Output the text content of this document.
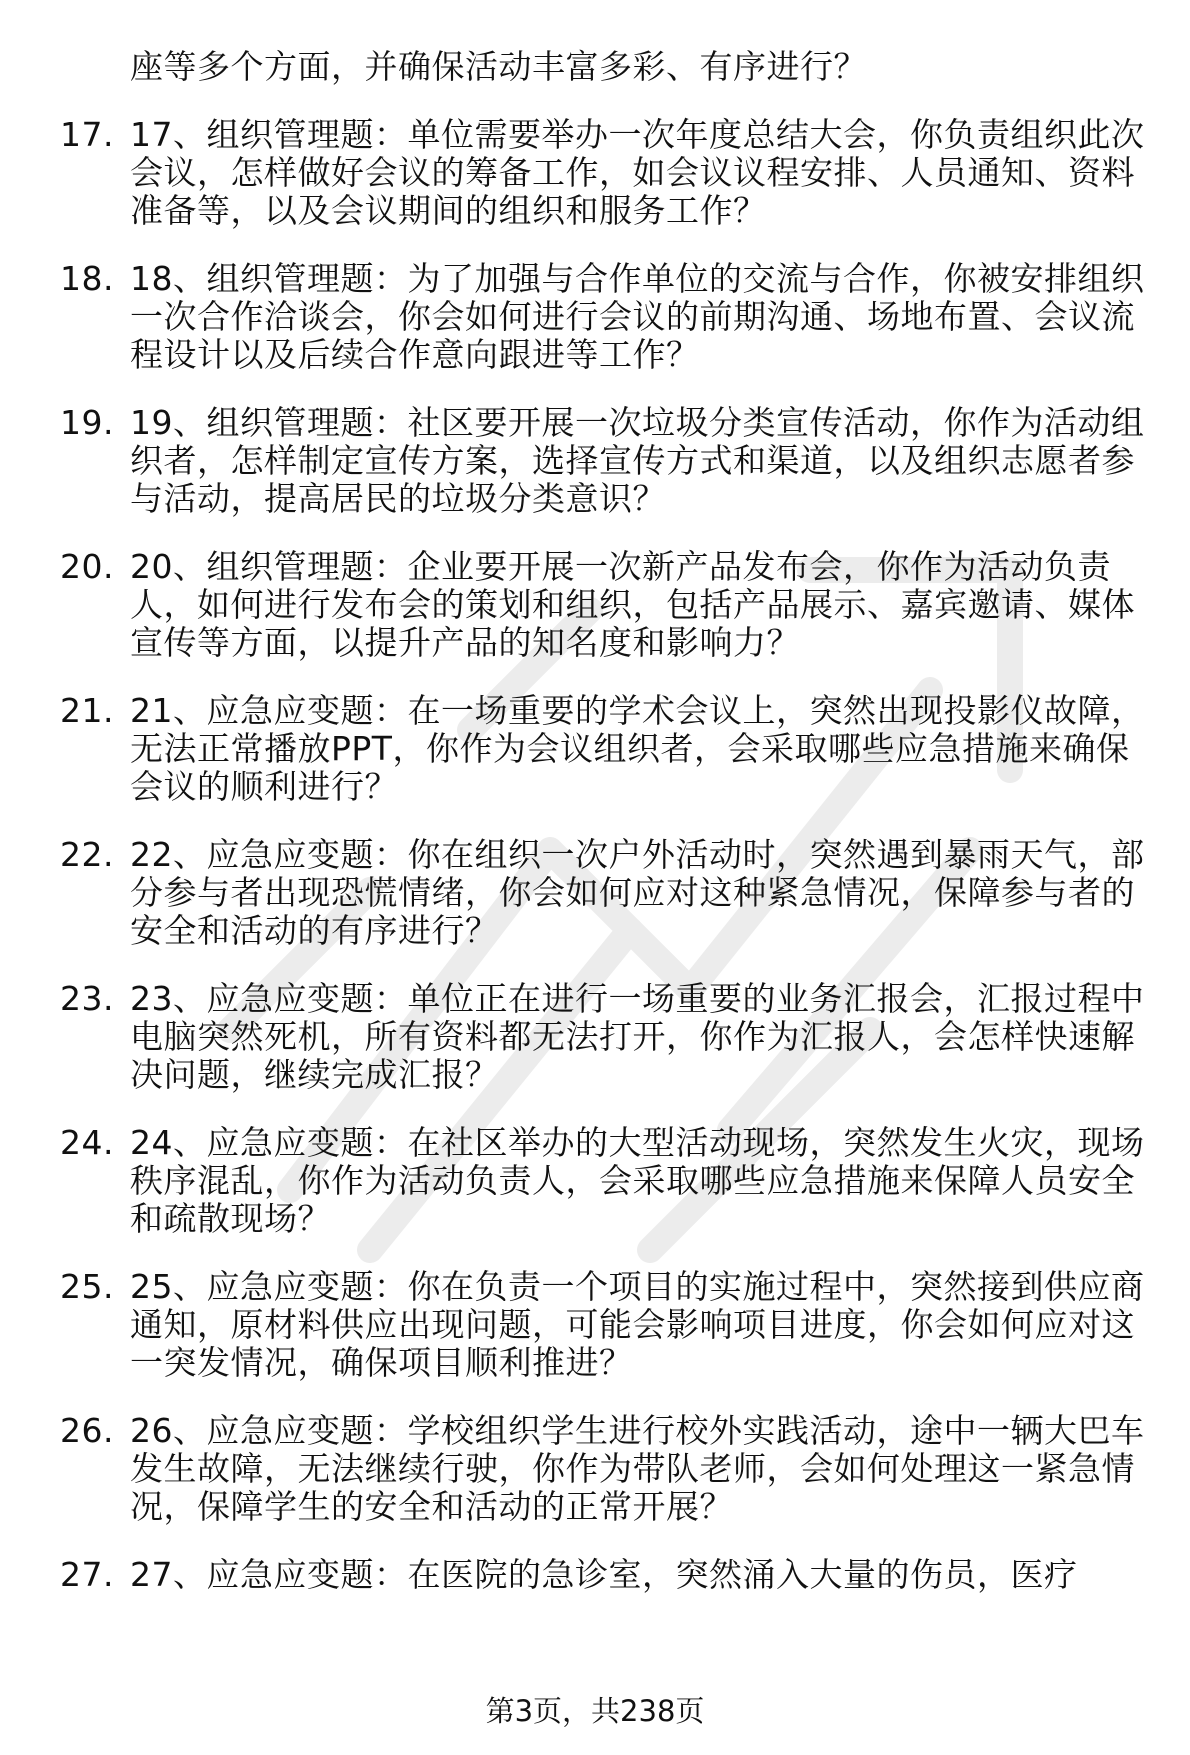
座等多个方面，并确保活动丰富多彩、有序进行？

17. 17、组织管理题：单位需要举办一次年度总结大会，你负责组织此次会议，怎样做好会议的筹备工作，如会议议程安排、人员通知、资料准备等，以及会议期间的组织和服务工作？
18. 18、组织管理题：为了加强与合作单位的交流与合作，你被安排组织一次合作洽谈会，你会如何进行会议的前期沟通、场地布置、会议流程设计以及后续合作意向跟进等工作？
19. 19、组织管理题：社区要开展一次垃圾分类宣传活动，你作为活动组织者，怎样制定宣传方案，选择宣传方式和渠道，以及组织志愿者参与活动，提高居民的垃圾分类意识？
20. 20、组织管理题：企业要开展一次新产品发布会，你作为活动负责人，如何进行发布会的策划和组织，包括产品展示、嘉宾邀请、媒体宣传等方面，以提升产品的知名度和影响力？
21. 21、应急应变题：在一场重要的学术会议上，突然出现投影仪故障，无法正常播放PPT，你作为会议组织者，会采取哪些应急措施来确保会议的顺利进行？
22. 22、应急应变题：你在组织一次户外活动时，突然遇到暴雨天气，部分参与者出现恐慌情绪，你会如何应对这种紧急情况，保障参与者的安全和活动的有序进行？
23. 23、应急应变题：单位正在进行一场重要的业务汇报会，汇报过程中电脑突然死机，所有资料都无法打开，你作为汇报人，会怎样快速解决问题，继续完成汇报？
24. 24、应急应变题：在社区举办的大型活动现场，突然发生火灾，现场秩序混乱，你作为活动负责人，会采取哪些应急措施来保障人员安全和疏散现场？
25. 25、应急应变题：你在负责一个项目的实施过程中，突然接到供应商通知，原材料供应出现问题，可能会影响项目进度，你会如何应对这一突发情况，确保项目顺利推进？
26. 26、应急应变题：学校组织学生进行校外实践活动，途中一辆大巴车发生故障，无法继续行驶，你作为带队老师，会如何处理这一紧急情况，保障学生的安全和活动的正常开展？
27. 27、应急应变题：在医院的急诊室，突然涌入大量的伤员，医疗
第3页，共238页
